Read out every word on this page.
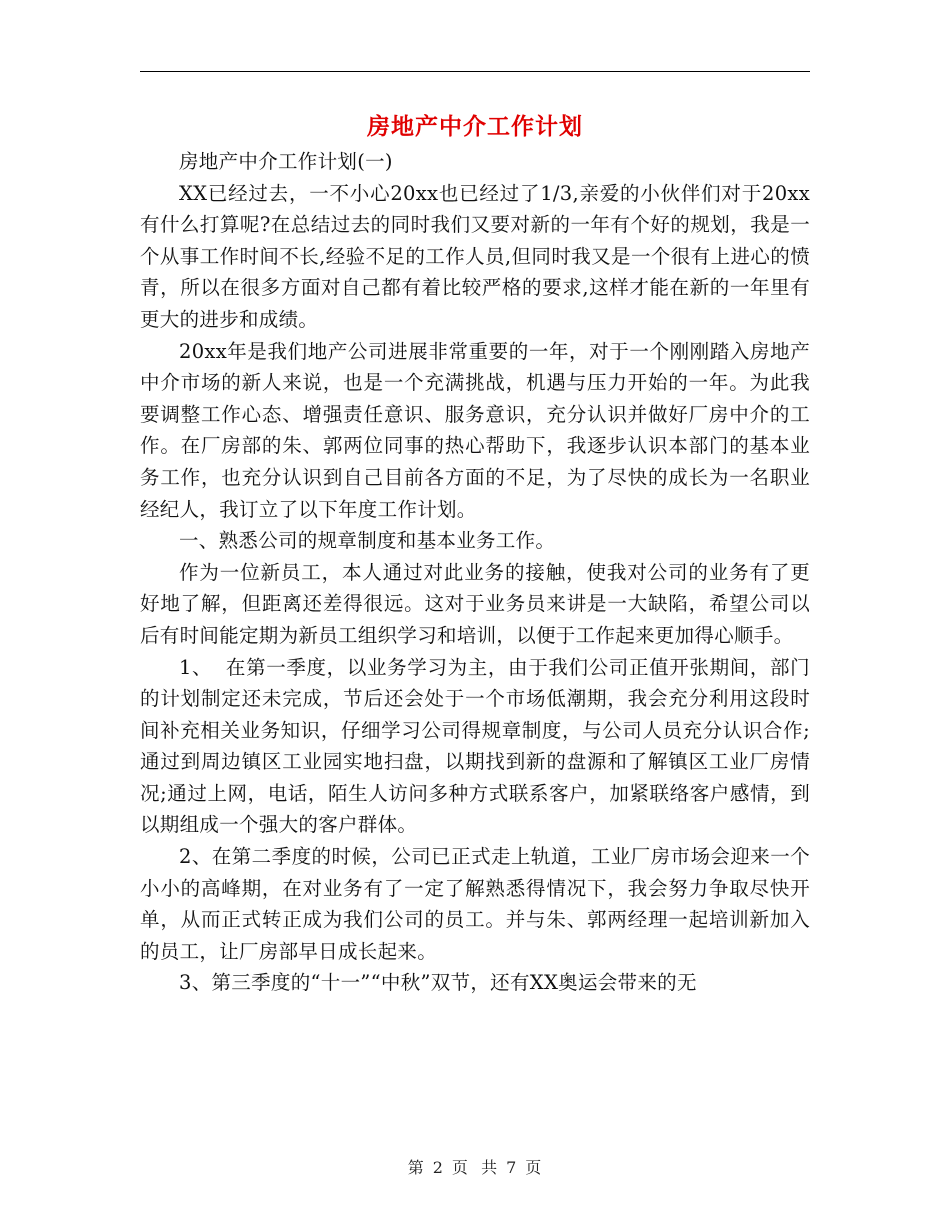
房地产中介工作计划

房地产中介工作计划(一)

XX已经过去，一不小心20xx也已经过了1/3,亲爱的小伙伴们对于20xx有什么打算呢?在总结过去的同时我们又要对新的一年有个好的规划，我是一个从事工作时间不长,经验不足的工作人员,但同时我又是一个很有上进心的愤青，所以在很多方面对自己都有着比较严格的要求,这样才能在新的一年里有更大的进步和成绩。

20xx年是我们地产公司进展非常重要的一年，对于一个刚刚踏入房地产中介市场的新人来说，也是一个充满挑战，机遇与压力开始的一年。为此我要调整工作心态、增强责任意识、服务意识，充分认识并做好厂房中介的工作。在厂房部的朱、郭两位同事的热心帮助下，我逐步认识本部门的基本业务工作，也充分认识到自己目前各方面的不足，为了尽快的成长为一名职业经纪人，我订立了以下年度工作计划。

一、熟悉公司的规章制度和基本业务工作。

作为一位新员工，本人通过对此业务的接触，使我对公司的业务有了更好地了解，但距离还差得很远。这对于业务员来讲是一大缺陷，希望公司以后有时间能定期为新员工组织学习和培训，以便于工作起来更加得心顺手。

1、  在第一季度，以业务学习为主，由于我们公司正值开张期间，部门的计划制定还未完成，节后还会处于一个市场低潮期，我会充分利用这段时间补充相关业务知识，仔细学习公司得规章制度，与公司人员充分认识合作;通过到周边镇区工业园实地扫盘，以期找到新的盘源和了解镇区工业厂房情况;通过上网，电话，陌生人访问多种方式联系客户，加紧联络客户感情，到以期组成一个强大的客户群体。

2、在第二季度的时候，公司已正式走上轨道，工业厂房市场会迎来一个小小的高峰期，在对业务有了一定了解熟悉得情况下，我会努力争取尽快开单，从而正式转正成为我们公司的员工。并与朱、郭两经理一起培训新加入的员工，让厂房部早日成长起来。

3、第三季度的“十一”“中秋”双节，还有XX奥运会带来的无

第 2 页  共 7 页
